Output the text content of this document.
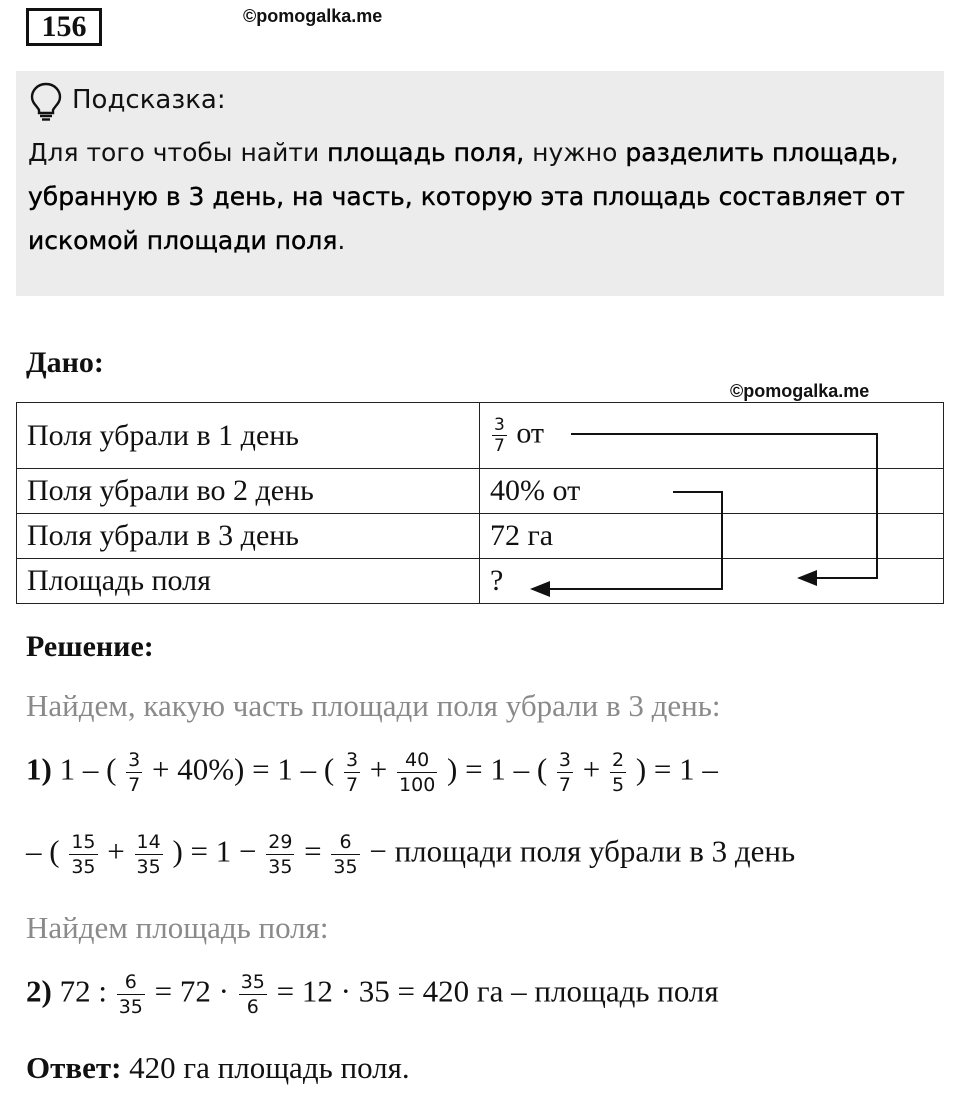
156	©pomogalka.me
Подсказка:
Для того чтобы найти площадь поля, нужно разделить площадь, убранную в 3 день, на часть, которую эта площадь составляет от искомой площади поля.
Дано:
©pomogalka.me
Поля убрали в 1 день	$\frac{3}{7}$ от
Поля убрали во 2 день	40% от
Поля убрали в 3 день	72 га
Площадь поля	?
Решение:
Найдем, какую часть площади поля убрали в 3 день:
1) 1 – ( $\frac{3}{7} + 40\%) = 1$ – ( $\frac{3}{7} + \frac{40}{100}$ ) = 1 – ( $\frac{3}{7} + \frac{2}{5}$ ) = 1 –
– ( $\frac{15}{35} + \frac{14}{35}$ ) = $1 - \frac{29}{35} = \frac{6}{35}$ − площади поля убрали в 3 день
Найдем площадь поля:
2) 72 : $\frac{6}{35} = 72 \cdot \frac{35}{6} = 12 \cdot 35 = 420$ га – площадь поля
Ответ: 420 га площадь поля.
